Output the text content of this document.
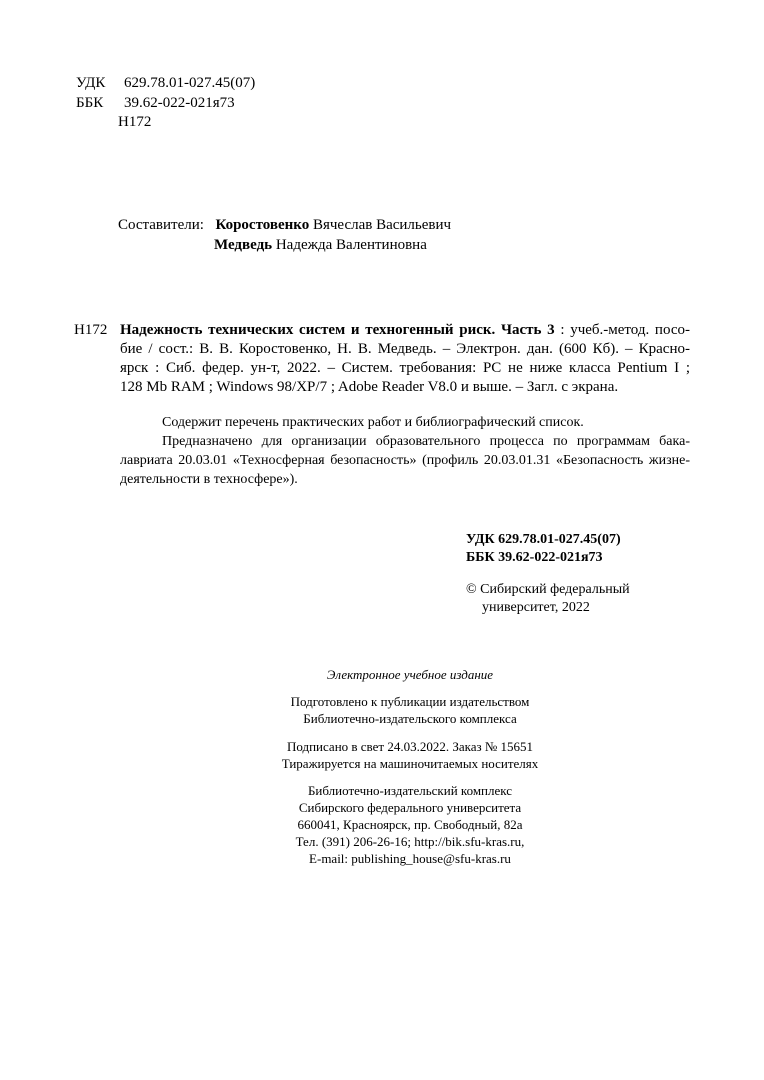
УДК 629.78.01-027.45(07)
ББК 39.62-022-021я73
Н172
Составители: Коростовенко Вячеслав Васильевич
Медведь Надежда Валентиновна
Н172 Надежность технических систем и техногенный риск. Часть 3 : учеб.-метод. посо-
бие / сост.: В. В. Коростовенко, Н. В. Медведь. – Электрон. дан. (600 Кб). – Красно-
ярск : Сиб. федер. ун-т, 2022. – Систем. требования: PC не ниже класса Pentium I ;
128 Mb RAM ; Windows 98/XP/7 ; Adobe Reader V8.0 и выше. – Загл. с экрана.
Содержит перечень практических работ и библиографический список.
Предназначено для организации образовательного процесса по программам бака-
лавриата 20.03.01 «Техносферная безопасность» (профиль 20.03.01.31 «Безопасность жизне-
деятельности в техносфере»).
УДК 629.78.01-027.45(07)
ББК 39.62-022-021я73
© Сибирский федеральный
университет, 2022
Электронное учебное издание
Подготовлено к публикации издательством
Библиотечно-издательского комплекса
Подписано в свет 24.03.2022. Заказ № 15651
Тиражируется на машиночитаемых носителях
Библиотечно-издательский комплекс
Сибирского федерального университета
660041, Красноярск, пр. Свободный, 82а
Тел. (391) 206-26-16; http://bik.sfu-kras.ru,
E-mail: publishing_house@sfu-kras.ru
